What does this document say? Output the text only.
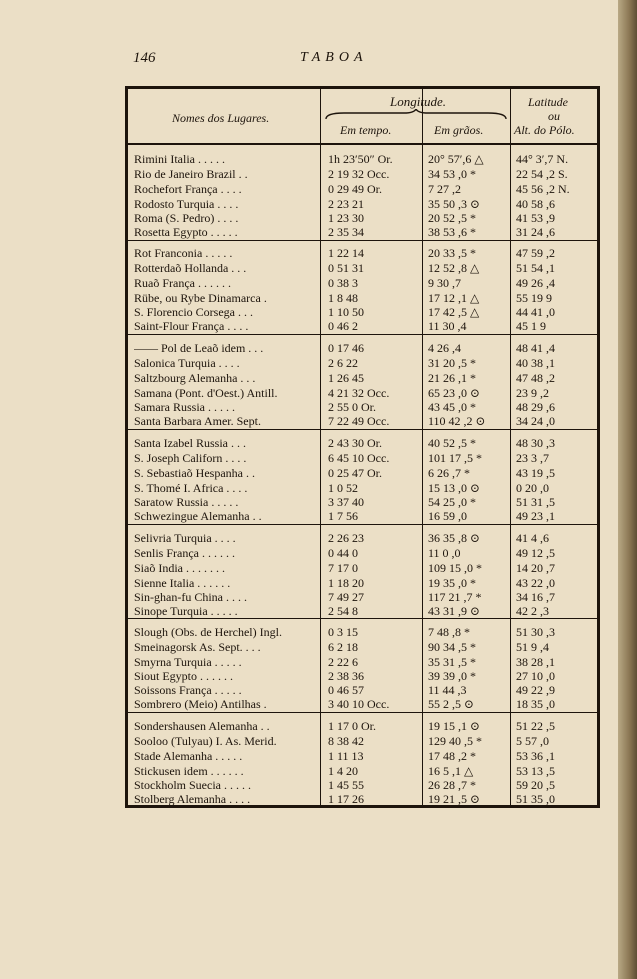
146	TABOA
Nomes dos Lugares.
Longitude.
Em tempo.	Em grãos.
Latitude
ou
Alt. do Pólo.
Rimini Italia . . . . .	1h 23′50″ Or.	20° 57′,6 △	44° 3′,7 N.
Rio de Janeiro Brazil . .	2 19 32 Occ.	34 53 ,0 *	22 54 ,2 S.
Rochefort França . . . .	0 29 49 Or.	7 27 ,2	45 56 ,2 N.
Rodosto Turquia . . . .	2 23 21	35 50 ,3 ⊙	40 58 ,6
Roma (S. Pedro) . . . .	1 23 30	20 52 ,5 *	41 53 ,9
Rosetta Egypto . . . . .	2 35 34	38 53 ,6 *	31 24 ,6
Rot Franconia . . . . .	1 22 14	20 33 ,5 *	47 59 ,2
Rotterdaõ Hollanda . . .	0 51 31	12 52 ,8 △	51 54 ,1
Ruaõ França . . . . . .	0 38 3	9 30 ,7	49 26 ,4
Rübe, ou Rybe Dinamarca .	1 8 48	17 12 ,1 △	55 19 9
S. Florencio Corsega . . .	1 10 50	17 42 ,5 △	44 41 ,0
Saint-Flour França . . . .	0 46 2	11 30 ,4	45 1 9
—— Pol de Leaõ idem . . .	0 17 46	4 26 ,4	48 41 ,4
Salonica Turquia . . . .	2 6 22	31 20 ,5 *	40 38 ,1
Saltzbourg Alemanha . . .	1 26 45	21 26 ,1 *	47 48 ,2
Samana (Pont. d'Oest.) Antill.	4 21 32 Occ.	65 23 ,0 ⊙	23 9 ,2
Samara Russia . . . . .	2 55 0 Or.	43 45 ,0 *	48 29 ,6
Santa Barbara Amer. Sept.	7 22 49 Occ.	110 42 ,2 ⊙	34 24 ,0
Santa Izabel Russia . . .	2 43 30 Or.	40 52 ,5 *	48 30 ,3
S. Joseph Californ . . . .	6 45 10 Occ.	101 17 ,5 *	23 3 ,7
S. Sebastiaõ Hespanha . .	0 25 47 Or.	6 26 ,7 *	43 19 ,5
S. Thomé I. Africa . . . .	1 0 52	15 13 ,0 ⊙	0 20 ,0
Saratow Russia . . . . .	3 37 40	54 25 ,0 *	51 31 ,5
Schwezingue Alemanha . .	1 7 56	16 59 ,0	49 23 ,1
Selivria Turquia . . . .	2 26 23	36 35 ,8 ⊙	41 4 ,6
Senlis França . . . . . .	0 44 0	11 0 ,0	49 12 ,5
Siaõ India . . . . . . .	7 17 0	109 15 ,0 *	14 20 ,7
Sienne Italia . . . . . .	1 18 20	19 35 ,0 *	43 22 ,0
Sin-ghan-fu China . . . .	7 49 27	117 21 ,7 *	34 16 ,7
Sinope Turquia . . . . .	2 54 8	43 31 ,9 ⊙	42 2 ,3
Slough (Obs. de Herchel) Ingl.	0 3 15	7 48 ,8 *	51 30 ,3
Smeinagorsk As. Sept. . . .	6 2 18	90 34 ,5 *	51 9 ,4
Smyrna Turquia . . . . .	2 22 6	35 31 ,5 *	38 28 ,1
Siout Egypto . . . . . .	2 38 36	39 39 ,0 *	27 10 ,0
Soissons França . . . . .	0 46 57	11 44 ,3	49 22 ,9
Sombrero (Meio) Antilhas .	3 40 10 Occ.	55 2 ,5 ⊙	18 35 ,0
Sondershausen Alemanha . .	1 17 0 Or.	19 15 ,1 ⊙	51 22 ,5
Sooloo (Tulyau) I. As. Merid.	8 38 42	129 40 ,5 *	5 57 ,0
Stade Alemanha . . . . .	1 11 13	17 48 ,2 *	53 36 ,1
Stickusen idem . . . . . .	1 4 20	16 5 ,1 △	53 13 ,5
Stockholm Suecia . . . . .	1 45 55	26 28 ,7 *	59 20 ,5
Stolberg Alemanha . . . .	1 17 26	19 21 ,5 ⊙	51 35 ,0
